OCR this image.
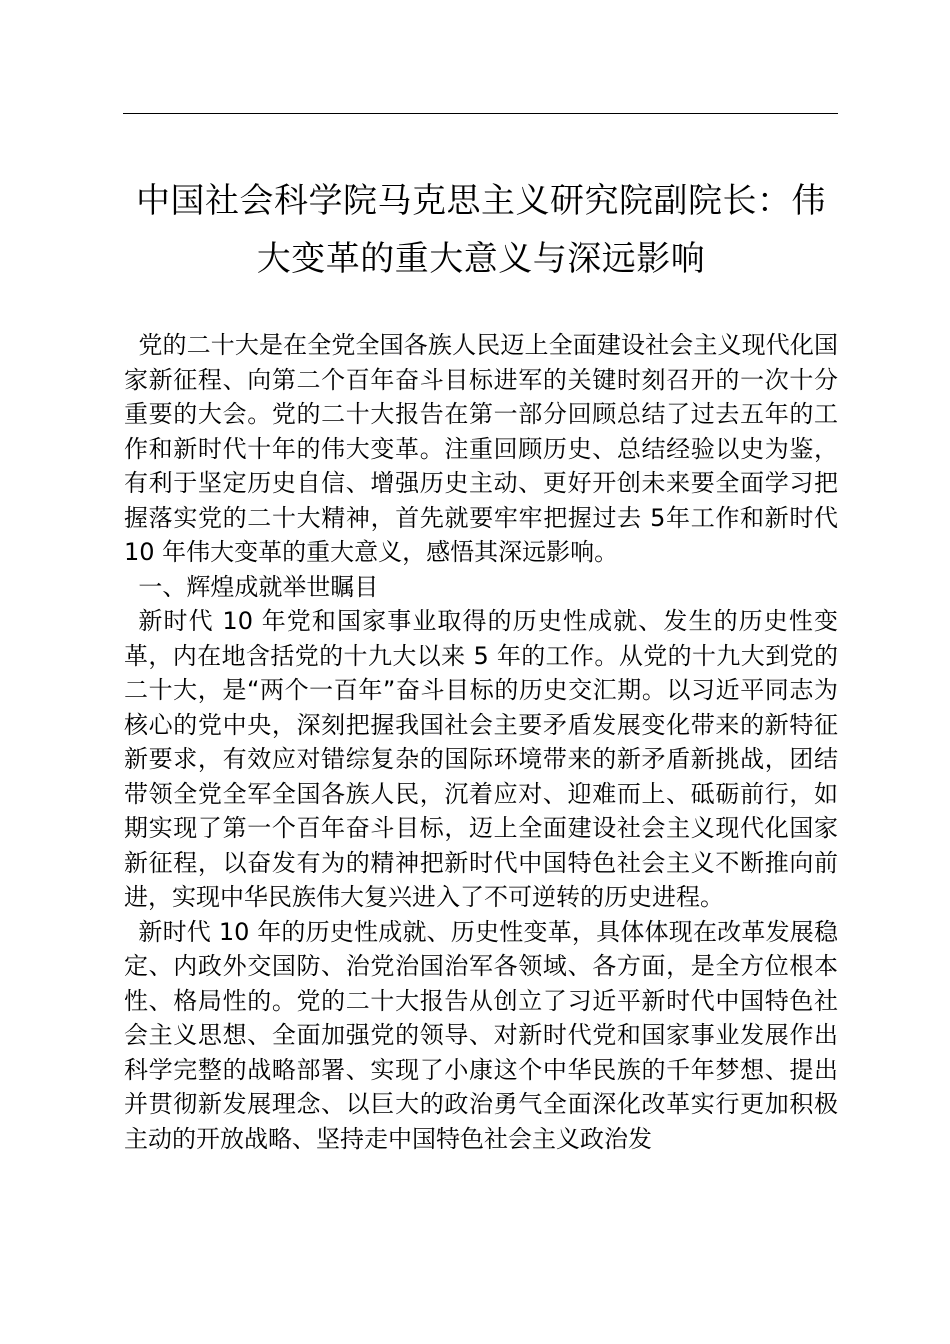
中国社会科学院马克思主义研究院副院长：伟大变革的重大意义与深远影响

党的二十大是在全党全国各族人民迈上全面建设社会主义现代化国家新征程、向第二个百年奋斗目标进军的关键时刻召开的一次十分重要的大会。党的二十大报告在第一部分回顾总结了过去五年的工作和新时代十年的伟大变革。注重回顾历史、总结经验以史为鉴，有利于坚定历史自信、增强历史主动、更好开创未来要全面学习把握落实党的二十大精神，首先就要牢牢把握过去 5年工作和新时代 10 年伟大变革的重大意义，感悟其深远影响。

一、辉煌成就举世瞩目

新时代 10 年党和国家事业取得的历史性成就、发生的历史性变革，内在地含括党的十九大以来 5 年的工作。从党的十九大到党的二十大，是“两个一百年”奋斗目标的历史交汇期。以习近平同志为核心的党中央，深刻把握我国社会主要矛盾发展变化带来的新特征新要求，有效应对错综复杂的国际环境带来的新矛盾新挑战，团结带领全党全军全国各族人民，沉着应对、迎难而上、砥砺前行，如期实现了第一个百年奋斗目标，迈上全面建设社会主义现代化国家新征程，以奋发有为的精神把新时代中国特色社会主义不断推向前进，实现中华民族伟大复兴进入了不可逆转的历史进程。

新时代 10 年的历史性成就、历史性变革，具体体现在改革发展稳定、内政外交国防、治党治国治军各领域、各方面，是全方位根本性、格局性的。党的二十大报告从创立了习近平新时代中国特色社会主义思想、全面加强党的领导、对新时代党和国家事业发展作出科学完整的战略部署、实现了小康这个中华民族的千年梦想、提出并贯彻新发展理念、以巨大的政治勇气全面深化改革实行更加积极主动的开放战略、坚持走中国特色社会主义政治发
